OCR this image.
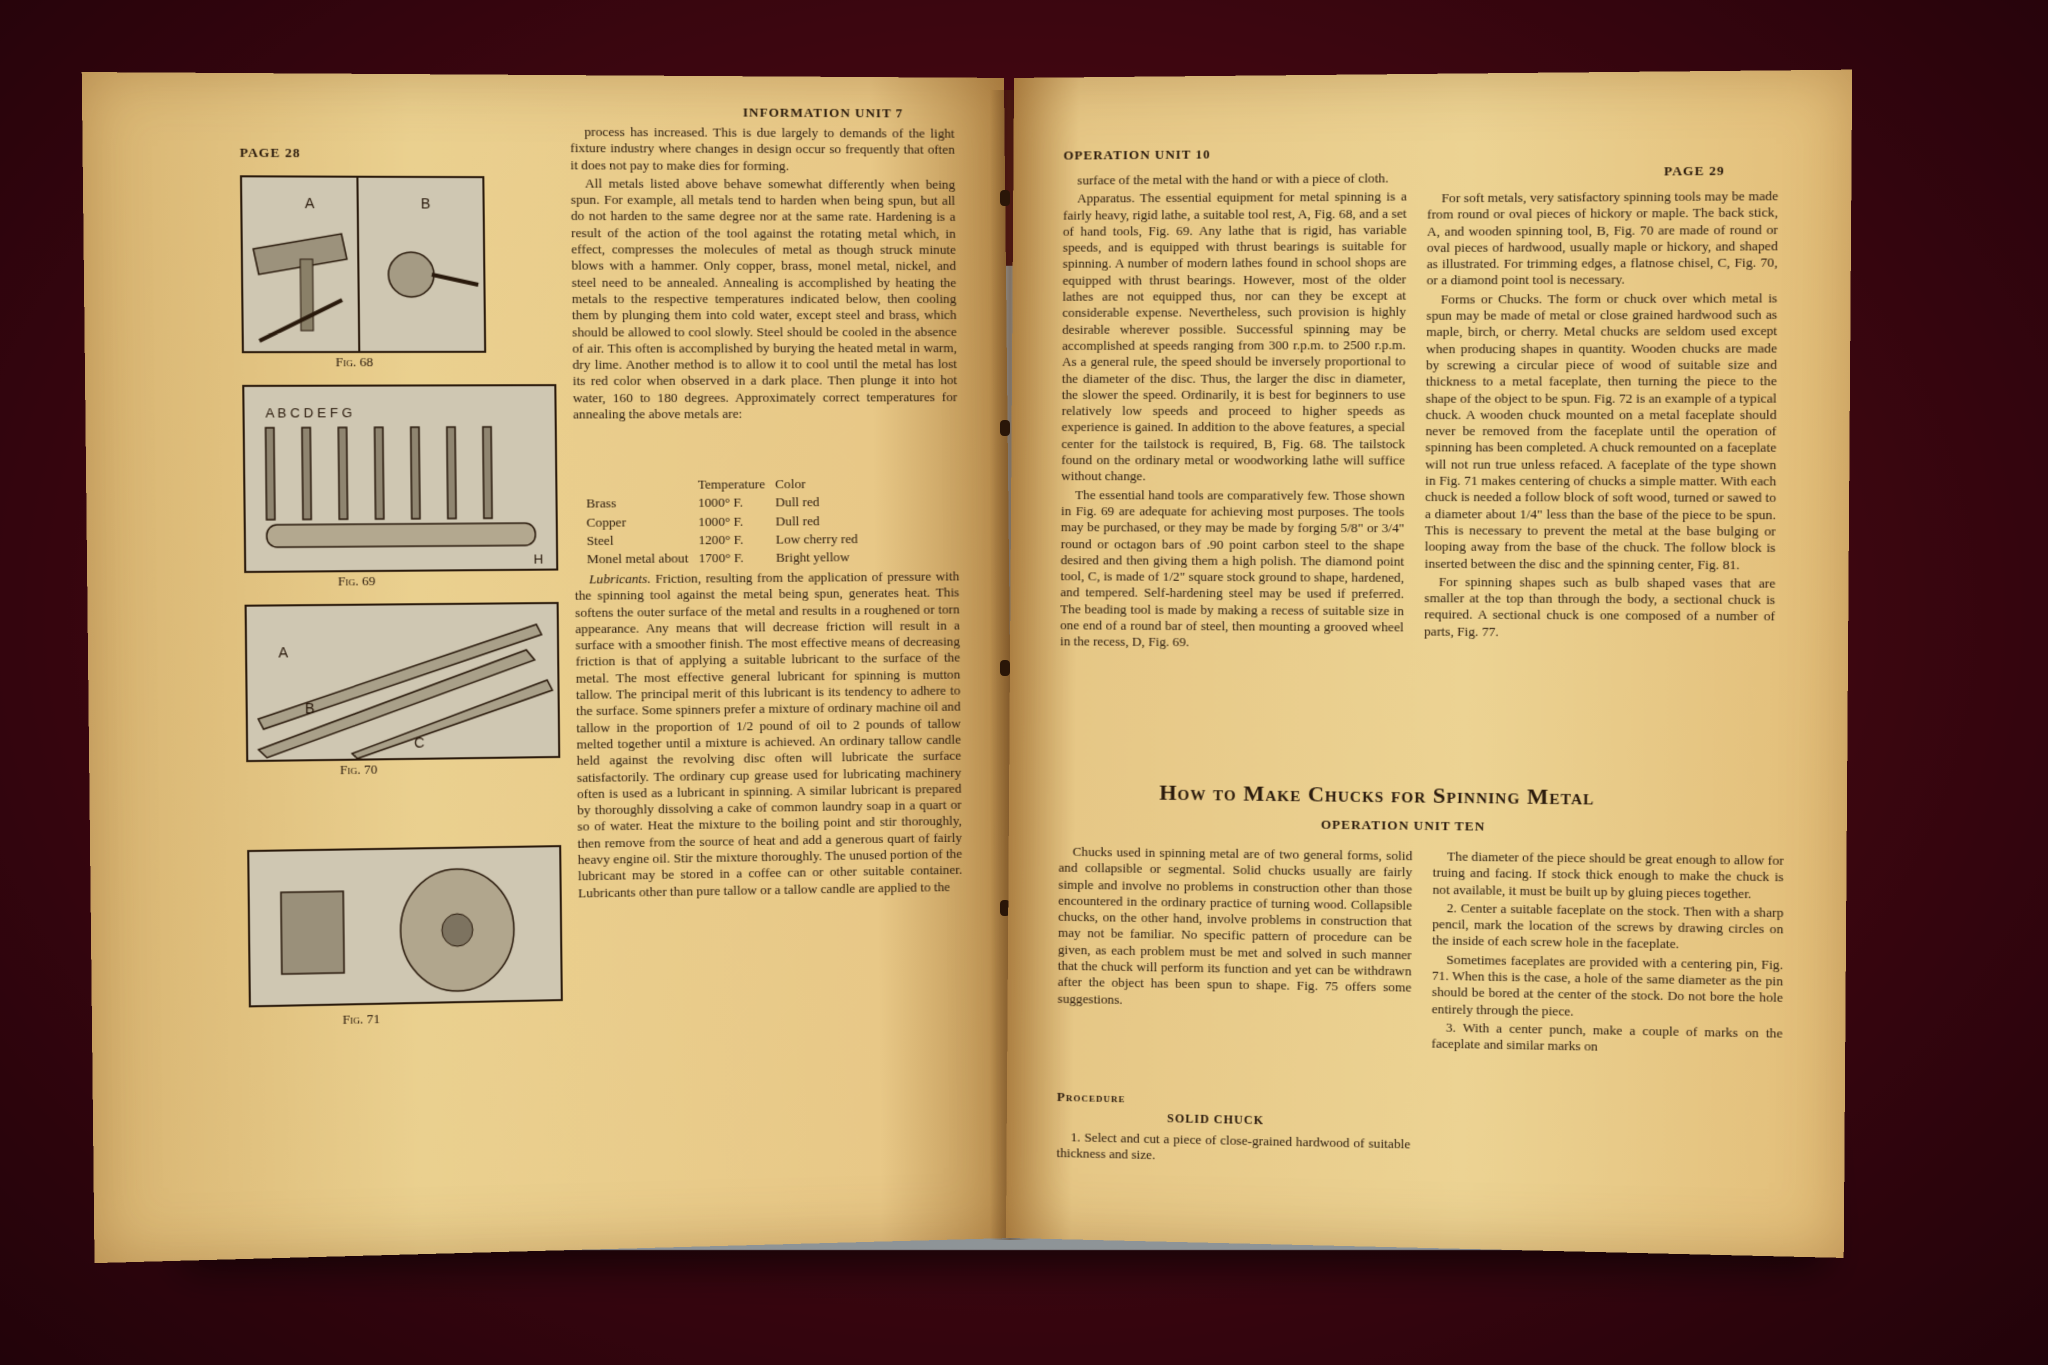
PAGE 28
INFORMATION UNIT 7
A	B
Fig. 68
A B C D E F G
H
Fig. 69
A
B
C
Fig. 70
Fig. 71

process has increased. This is due largely to demands of the light fixture industry where changes in design occur so frequently that often it does not pay to make dies for forming.

All metals listed above behave somewhat differently when being spun. For example, all metals tend to harden when being spun, but all do not harden to the same degree nor at the same rate. Hardening is a result of the action of the tool against the rotating metal which, in effect, compresses the molecules of metal as though struck minute blows with a hammer. Only copper, brass, monel metal, nickel, and steel need to be annealed. Annealing is accomplished by heating the metals to the respective temperatures indicated below, then cooling them by plunging them into cold water, except steel and brass, which should be allowed to cool slowly. Steel should be cooled in the absence of air. This often is accomplished by burying the heated metal in warm, dry lime. Another method is to allow it to cool until the metal has lost its red color when observed in a dark place. Then plunge it into hot water, 160 to 180 degrees. Approximately correct temperatures for annealing the above metals are:

	Temperature	Color
Brass	1000° F.	Dull red
Copper	1000° F.	Dull red
Steel	1200° F.	Low cherry red
Monel metal about	1700° F.	Bright yellow

Lubricants. Friction, resulting from the application of pressure with the spinning tool against the metal being spun, generates heat. This softens the outer surface of the metal and results in a roughened or torn appearance. Any means that will decrease friction will result in a surface with a smoother finish. The most effective means of decreasing friction is that of applying a suitable lubricant to the surface of the metal. The most effective general lubricant for spinning is mutton tallow. The principal merit of this lubricant is its tendency to adhere to the surface. Some spinners prefer a mixture of ordinary machine oil and tallow in the proportion of 1/2 pound of oil to 2 pounds of tallow melted together until a mixture is achieved. An ordinary tallow candle held against the revolving disc often will lubricate the surface satisfactorily. The ordinary cup grease used for lubricating machinery often is used as a lubricant in spinning. A similar lubricant is prepared by thoroughly dissolving a cake of common laundry soap in a quart or so of water. Heat the mixture to the boiling point and stir thoroughly, then remove from the source of heat and add a generous quart of fairly heavy engine oil. Stir the mixture thoroughly. The unused portion of the lubricant may be stored in a coffee can or other suitable container. Lubricants other than pure tallow or a tallow candle are applied to the

OPERATION UNIT 10
PAGE 29

surface of the metal with the hand or with a piece of cloth.

Apparatus. The essential equipment for metal spinning is a fairly heavy, rigid lathe, a suitable tool rest, A, Fig. 68, and a set of hand tools, Fig. 69. Any lathe that is rigid, has variable speeds, and is equipped with thrust bearings is suitable for spinning. A number of modern lathes found in school shops are equipped with thrust bearings. However, most of the older lathes are not equipped thus, nor can they be except at considerable expense. Nevertheless, such provision is highly desirable wherever possible. Successful spinning may be accomplished at speeds ranging from 300 r.p.m. to 2500 r.p.m. As a general rule, the speed should be inversely proportional to the diameter of the disc. Thus, the larger the disc in diameter, the slower the speed. Ordinarily, it is best for beginners to use relatively low speeds and proceed to higher speeds as experience is gained. In addition to the above features, a special center for the tailstock is required, B, Fig. 68. The tailstock found on the ordinary metal or woodworking lathe will suffice without change.

The essential hand tools are comparatively few. Those shown in Fig. 69 are adequate for achieving most purposes. The tools may be purchased, or they may be made by forging 5/8" or 3/4" round or octagon bars of .90 point carbon steel to the shape desired and then giving them a high polish. The diamond point tool, C, is made of 1/2" square stock ground to shape, hardened, and tempered. Self-hardening steel may be used if preferred. The beading tool is made by making a recess of suitable size in one end of a round bar of steel, then mounting a grooved wheel in the recess, D, Fig. 69.

For soft metals, very satisfactory spinning tools may be made from round or oval pieces of hickory or maple. The back stick, A, and wooden spinning tool, B, Fig. 70 are made of round or oval pieces of hardwood, usually maple or hickory, and shaped as illustrated. For trimming edges, a flatnose chisel, C, Fig. 70, or a diamond point tool is necessary.

Forms or Chucks. The form or chuck over which metal is spun may be made of metal or close grained hardwood such as maple, birch, or cherry. Metal chucks are seldom used except when producing shapes in quantity. Wooden chucks are made by screwing a circular piece of wood of suitable size and thickness to a metal faceplate, then turning the piece to the shape of the object to be spun. Fig. 72 is an example of a typical chuck. A wooden chuck mounted on a metal faceplate should never be removed from the faceplate until the operation of spinning has been completed. A chuck remounted on a faceplate will not run true unless refaced. A faceplate of the type shown in Fig. 71 makes centering of chucks a simple matter. With each chuck is needed a follow block of soft wood, turned or sawed to a diameter about 1/4" less than the base of the piece to be spun. This is necessary to prevent the metal at the base bulging or looping away from the base of the chuck. The follow block is inserted between the disc and the spinning center, Fig. 81.

For spinning shapes such as bulb shaped vases that are smaller at the top than through the body, a sectional chuck is required. A sectional chuck is one composed of a number of parts, Fig. 77.

How to Make Chucks for Spinning Metal
OPERATION UNIT TEN

Chucks used in spinning metal are of two general forms, solid and collapsible or segmental. Solid chucks usually are fairly simple and involve no problems in construction other than those encountered in the ordinary practice of turning wood. Collapsible chucks, on the other hand, involve problems in construction that may not be familiar. No specific pattern of procedure can be given, as each problem must be met and solved in such manner that the chuck will perform its function and yet can be withdrawn after the object has been spun to shape. Fig. 75 offers some suggestions.

Procedure
SOLID CHUCK

1. Select and cut a piece of close-grained hardwood of suitable thickness and size.

The diameter of the piece should be great enough to allow for truing and facing. If stock thick enough to make the chuck is not available, it must be built up by gluing pieces together.

2. Center a suitable faceplate on the stock. Then with a sharp pencil, mark the location of the screws by drawing circles on the inside of each screw hole in the faceplate.

Sometimes faceplates are provided with a centering pin, Fig. 71. When this is the case, a hole of the same diameter as the pin should be bored at the center of the stock. Do not bore the hole entirely through the piece.

3. With a center punch, make a couple of marks on the faceplate and similar marks on
